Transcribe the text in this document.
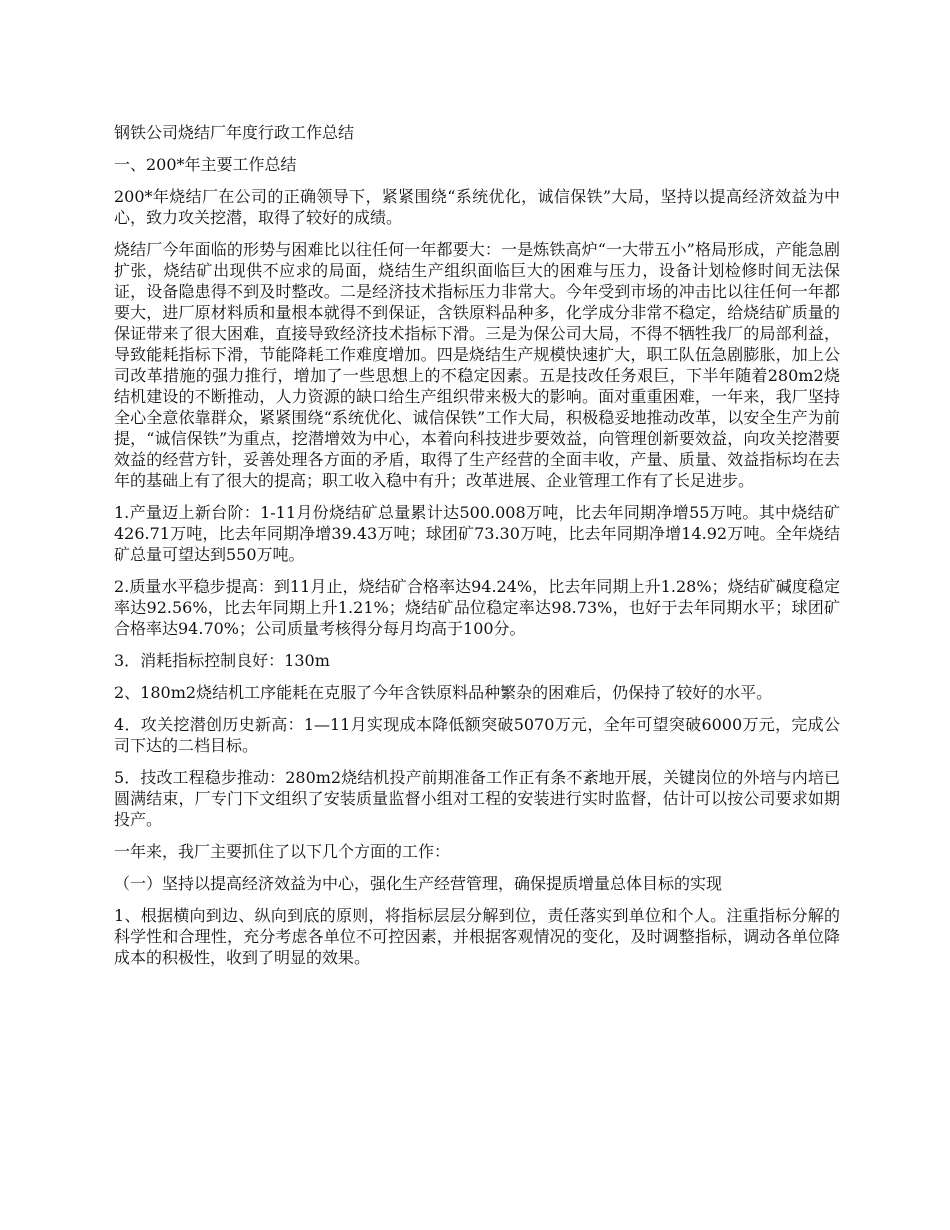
钢铁公司烧结厂年度行政工作总结

一、200*年主要工作总结

200*年烧结厂在公司的正确领导下，紧紧围绕“系统优化，诚信保铁”大局，坚持以提高经济效益为中心，致力攻关挖潜，取得了较好的成绩。

烧结厂今年面临的形势与困难比以往任何一年都要大：一是炼铁高炉“一大带五小”格局形成，产能急剧扩张，烧结矿出现供不应求的局面，烧结生产组织面临巨大的困难与压力，设备计划检修时间无法保证，设备隐患得不到及时整改。二是经济技术指标压力非常大。今年受到市场的冲击比以往任何一年都要大，进厂原材料质和量根本就得不到保证，含铁原料品种多，化学成分非常不稳定，给烧结矿质量的保证带来了很大困难，直接导致经济技术指标下滑。三是为保公司大局，不得不牺牲我厂的局部利益，导致能耗指标下滑，节能降耗工作难度增加。四是烧结生产规模快速扩大，职工队伍急剧膨胀，加上公司改革措施的强力推行，增加了一些思想上的不稳定因素。五是技改任务艰巨，下半年随着280m2烧结机建设的不断推动，人力资源的缺口给生产组织带来极大的影响。面对重重困难，一年来，我厂坚持全心全意依靠群众，紧紧围绕“系统优化、诚信保铁”工作大局，积极稳妥地推动改革，以安全生产为前提，“诚信保铁”为重点，挖潜增效为中心，本着向科技进步要效益，向管理创新要效益，向攻关挖潜要效益的经营方针，妥善处理各方面的矛盾，取得了生产经营的全面丰收，产量、质量、效益指标均在去年的基础上有了很大的提高；职工收入稳中有升；改革进展、企业管理工作有了长足进步。

1.产量迈上新台阶：1-11月份烧结矿总量累计达500.008万吨，比去年同期净增55万吨。其中烧结矿426.71万吨，比去年同期净增39.43万吨；球团矿73.30万吨，比去年同期净增14.92万吨。全年烧结矿总量可望达到550万吨。

2.质量水平稳步提高：到11月止，烧结矿合格率达94.24%，比去年同期上升1.28%；烧结矿碱度稳定率达92.56%，比去年同期上升1.21%；烧结矿品位稳定率达98.73%，也好于去年同期水平；球团矿合格率达94.70%；公司质量考核得分每月均高于100分。

3．消耗指标控制良好：130m

2、180m2烧结机工序能耗在克服了今年含铁原料品种繁杂的困难后，仍保持了较好的水平。

4．攻关挖潜创历史新高：1—11月实现成本降低额突破5070万元，全年可望突破6000万元，完成公司下达的二档目标。

5．技改工程稳步推动：280m2烧结机投产前期准备工作正有条不紊地开展，关键岗位的外培与内培已圆满结束，厂专门下文组织了安装质量监督小组对工程的安装进行实时监督，估计可以按公司要求如期投产。

一年来，我厂主要抓住了以下几个方面的工作：

（一）坚持以提高经济效益为中心，强化生产经营管理，确保提质增量总体目标的实现

1、根据横向到边、纵向到底的原则，将指标层层分解到位，责任落实到单位和个人。注重指标分解的科学性和合理性，充分考虑各单位不可控因素，并根据客观情况的变化，及时调整指标，调动各单位降成本的积极性，收到了明显的效果。
